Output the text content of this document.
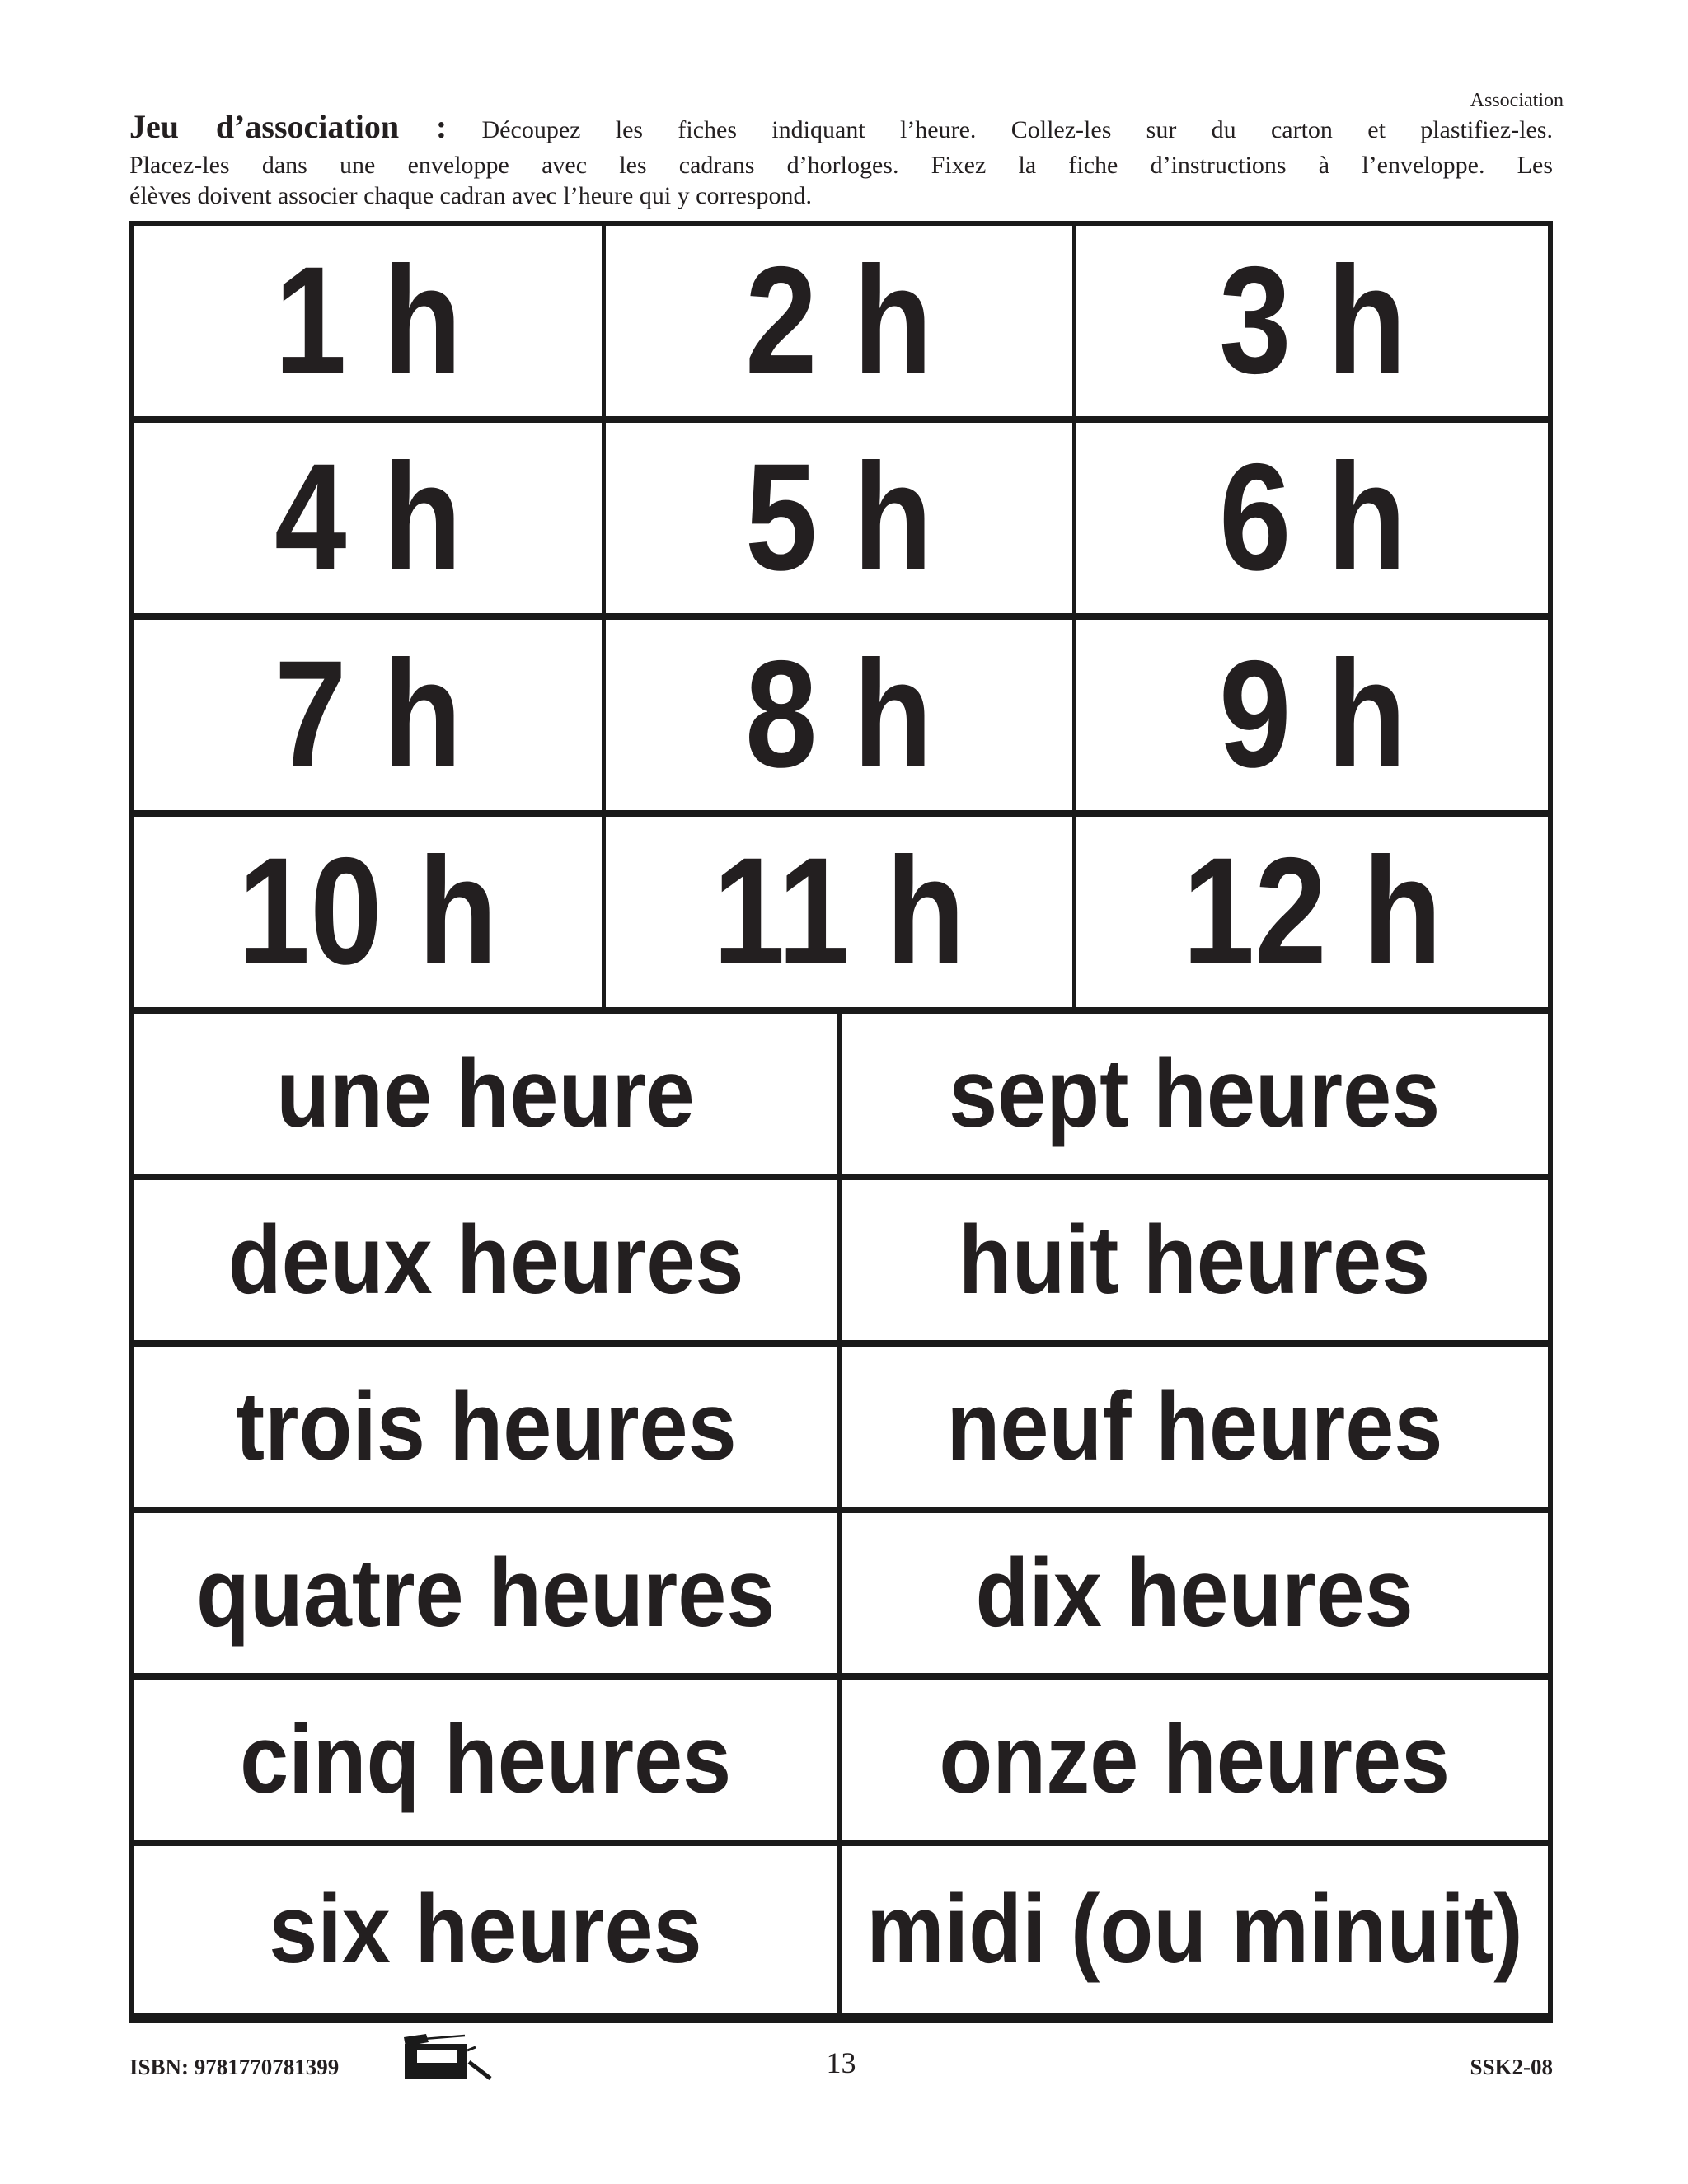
Association
Jeu d’association : Découpez les fiches indiquant l’heure. Collez-les sur du carton et plastifiez-les.
Placez-les dans une enveloppe avec les cadrans d’horloges. Fixez la fiche d’instructions à l’enveloppe. Les
élèves doivent associer chaque cadran avec l’heure qui y correspond.
1 h 2 h 3 h
4 h 5 h 6 h
7 h 8 h 9 h
10 h 11 h 12 h
une heure	sept heures
deux heures huit heures
trois heures neuf heures
quatre heures dix heures
cinq heures onze heures
six heures midi (ou minuit)
ISBN: 9781770781399	13	SSK2-08
